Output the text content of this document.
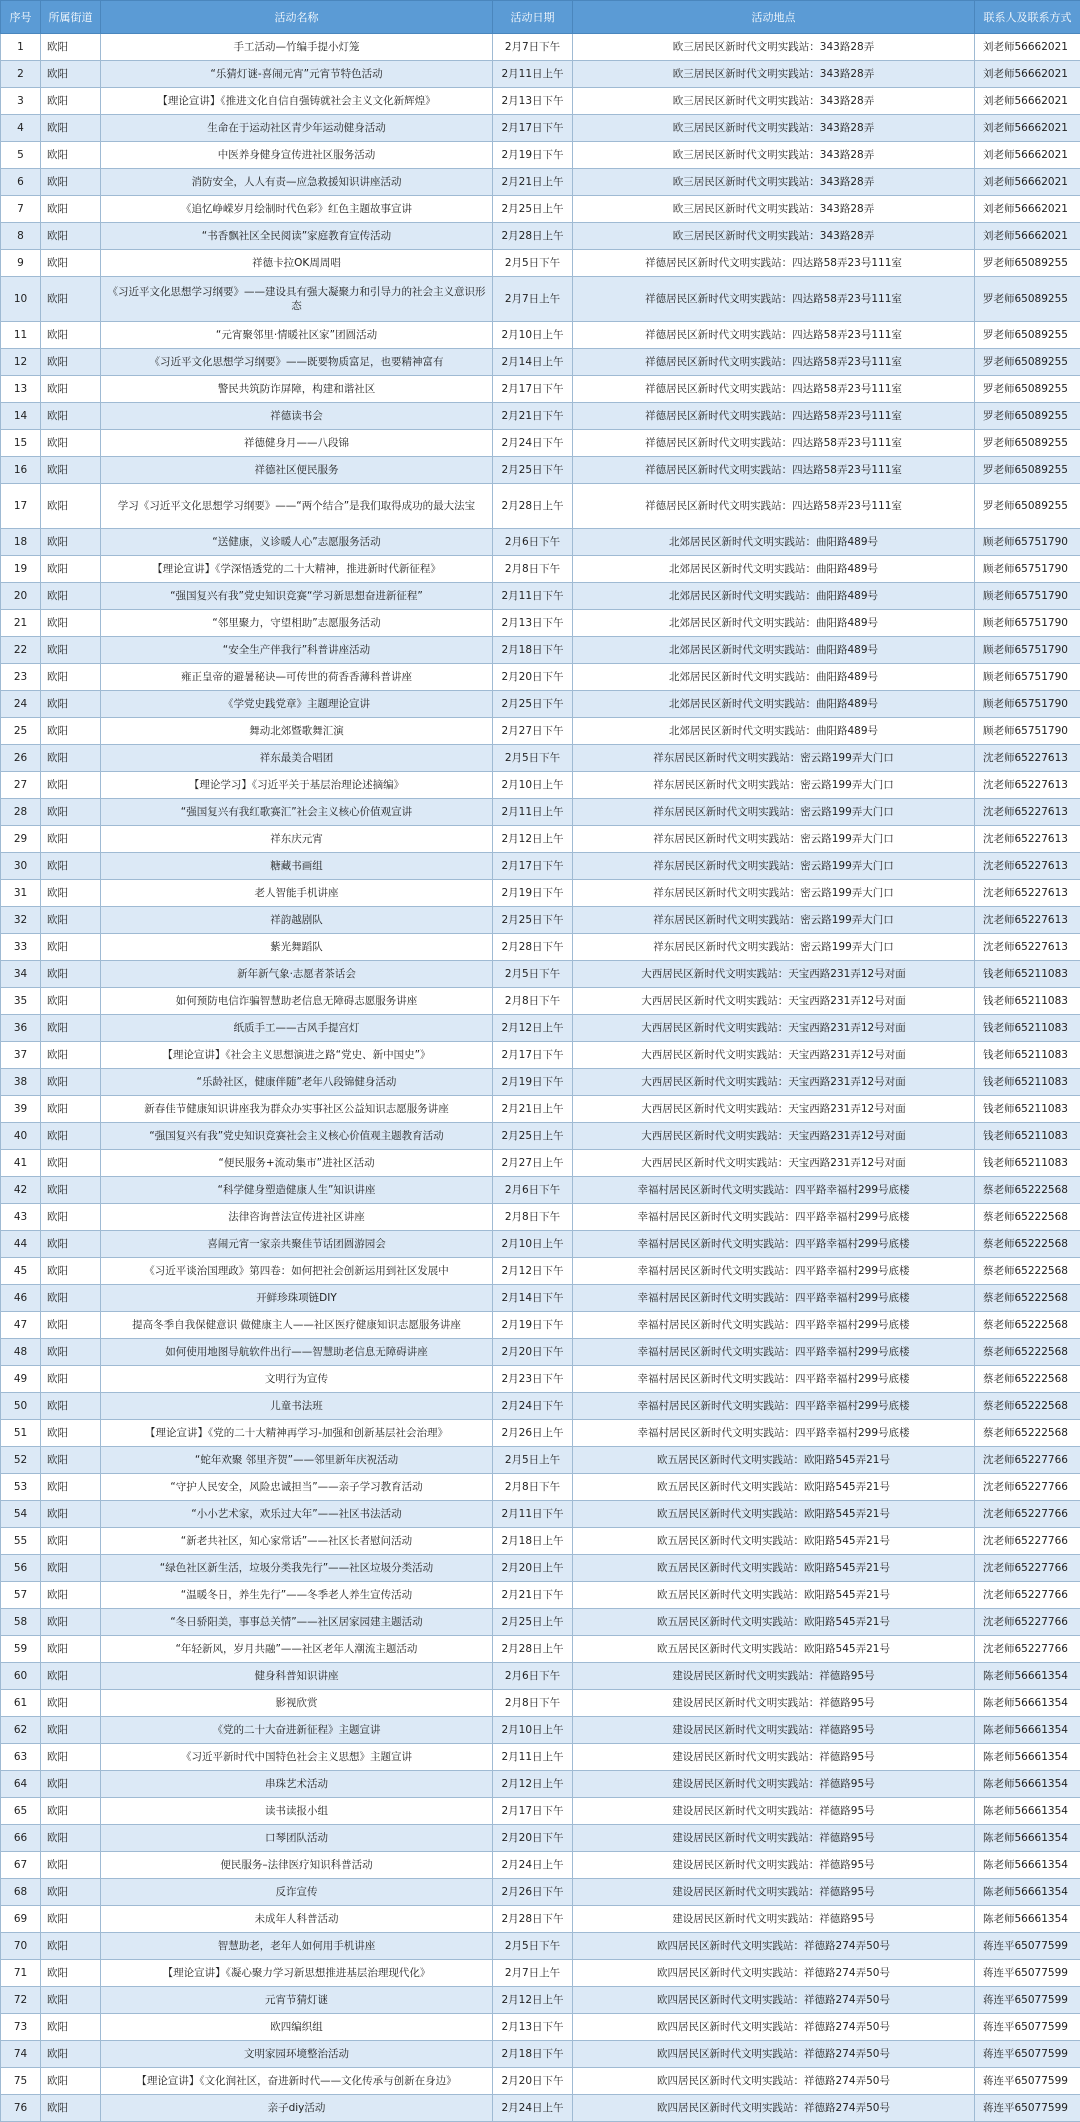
序号	所属街道	活动名称	活动日期	活动地点	联系人及联系方式
1	欧阳	手工活动—竹编手提小灯笼	2月7日下午	欧三居民区新时代文明实践站：343路28弄	刘老师56662021
2	欧阳	“乐猜灯谜-喜闹元宵”元宵节特色活动	2月11日上午	欧三居民区新时代文明实践站：343路28弄	刘老师56662021
3	欧阳	【理论宣讲】《推进文化自信自强铸就社会主义文化新辉煌》	2月13日下午	欧三居民区新时代文明实践站：343路28弄	刘老师56662021
4	欧阳	生命在于运动社区青少年运动健身活动	2月17日下午	欧三居民区新时代文明实践站：343路28弄	刘老师56662021
5	欧阳	中医养身健身宣传进社区服务活动	2月19日下午	欧三居民区新时代文明实践站：343路28弄	刘老师56662021
6	欧阳	消防安全，人人有责—应急救援知识讲座活动	2月21日上午	欧三居民区新时代文明实践站：343路28弄	刘老师56662021
7	欧阳	《追忆峥嵘岁月绘制时代色彩》红色主题故事宣讲	2月25日上午	欧三居民区新时代文明实践站：343路28弄	刘老师56662021
8	欧阳	“书香飘社区全民阅读”家庭教育宣传活动	2月28日上午	欧三居民区新时代文明实践站：343路28弄	刘老师56662021
9	欧阳	祥德卡拉OK周周唱	2月5日下午	祥德居民区新时代文明实践站：四达路58弄23号111室	罗老师65089255
10	欧阳	《习近平文化思想学习纲要》——建设具有强大凝聚力和引导力的社会主义意识形态	2月7日上午	祥德居民区新时代文明实践站：四达路58弄23号111室	罗老师65089255
11	欧阳	“元宵聚邻里·情暖社区家”团圆活动	2月10日上午	祥德居民区新时代文明实践站：四达路58弄23号111室	罗老师65089255
12	欧阳	《习近平文化思想学习纲要》——既要物质富足，也要精神富有	2月14日上午	祥德居民区新时代文明实践站：四达路58弄23号111室	罗老师65089255
13	欧阳	警民共筑防诈屏障，构建和谐社区	2月17日下午	祥德居民区新时代文明实践站：四达路58弄23号111室	罗老师65089255
14	欧阳	祥德读书会	2月21日下午	祥德居民区新时代文明实践站：四达路58弄23号111室	罗老师65089255
15	欧阳	祥德健身月——八段锦	2月24日下午	祥德居民区新时代文明实践站：四达路58弄23号111室	罗老师65089255
16	欧阳	祥德社区便民服务	2月25日下午	祥德居民区新时代文明实践站：四达路58弄23号111室	罗老师65089255
17	欧阳	学习《习近平文化思想学习纲要》——“两个结合”是我们取得成功的最大法宝	2月28日上午	祥德居民区新时代文明实践站：四达路58弄23号111室	罗老师65089255
18	欧阳	“送健康，义诊暖人心”志愿服务活动	2月6日下午	北郊居民区新时代文明实践站：曲阳路489号	顾老师65751790
19	欧阳	【理论宣讲】《学深悟透党的二十大精神，推进新时代新征程》	2月8日下午	北郊居民区新时代文明实践站：曲阳路489号	顾老师65751790
20	欧阳	“强国复兴有我”党史知识竞赛“学习新思想奋进新征程”	2月11日下午	北郊居民区新时代文明实践站：曲阳路489号	顾老师65751790
21	欧阳	“邻里聚力，守望相助”志愿服务活动	2月13日下午	北郊居民区新时代文明实践站：曲阳路489号	顾老师65751790
22	欧阳	“安全生产伴我行”科普讲座活动	2月18日下午	北郊居民区新时代文明实践站：曲阳路489号	顾老师65751790
23	欧阳	雍正皇帝的避暑秘诀—可传世的荷香香薄科普讲座	2月20日下午	北郊居民区新时代文明实践站：曲阳路489号	顾老师65751790
24	欧阳	《学党史践党章》主题理论宣讲	2月25日下午	北郊居民区新时代文明实践站：曲阳路489号	顾老师65751790
25	欧阳	舞动北郊暨歌舞汇演	2月27日下午	北郊居民区新时代文明实践站：曲阳路489号	顾老师65751790
26	欧阳	祥东最美合唱团	2月5日下午	祥东居民区新时代文明实践站：密云路199弄大门口	沈老师65227613
27	欧阳	【理论学习】《习近平关于基层治理论述摘编》	2月10日上午	祥东居民区新时代文明实践站：密云路199弄大门口	沈老师65227613
28	欧阳	“强国复兴有我红歌赛汇”社会主义核心价值观宣讲	2月11日上午	祥东居民区新时代文明实践站：密云路199弄大门口	沈老师65227613
29	欧阳	祥东庆元宵	2月12日上午	祥东居民区新时代文明实践站：密云路199弄大门口	沈老师65227613
30	欧阳	糖藏书画组	2月17日下午	祥东居民区新时代文明实践站：密云路199弄大门口	沈老师65227613
31	欧阳	老人智能手机讲座	2月19日下午	祥东居民区新时代文明实践站：密云路199弄大门口	沈老师65227613
32	欧阳	祥韵越剧队	2月25日下午	祥东居民区新时代文明实践站：密云路199弄大门口	沈老师65227613
33	欧阳	紫光舞蹈队	2月28日下午	祥东居民区新时代文明实践站：密云路199弄大门口	沈老师65227613
34	欧阳	新年新气象·志愿者茶话会	2月5日下午	大西居民区新时代文明实践站：天宝西路231弄12号对面	钱老师65211083
35	欧阳	如何预防电信诈骗智慧助老信息无障碍志愿服务讲座	2月8日下午	大西居民区新时代文明实践站：天宝西路231弄12号对面	钱老师65211083
36	欧阳	纸质手工——古风手提宫灯	2月12日上午	大西居民区新时代文明实践站：天宝西路231弄12号对面	钱老师65211083
37	欧阳	【理论宣讲】《社会主义思想演进之路“党史、新中国史”》	2月17日下午	大西居民区新时代文明实践站：天宝西路231弄12号对面	钱老师65211083
38	欧阳	“乐龄社区，健康伴随”老年八段锦健身活动	2月19日下午	大西居民区新时代文明实践站：天宝西路231弄12号对面	钱老师65211083
39	欧阳	新春佳节健康知识讲座我为群众办实事社区公益知识志愿服务讲座	2月21日上午	大西居民区新时代文明实践站：天宝西路231弄12号对面	钱老师65211083
40	欧阳	“强国复兴有我”党史知识竞赛社会主义核心价值观主题教育活动	2月25日上午	大西居民区新时代文明实践站：天宝西路231弄12号对面	钱老师65211083
41	欧阳	“便民服务+流动集市”进社区活动	2月27日上午	大西居民区新时代文明实践站：天宝西路231弄12号对面	钱老师65211083
42	欧阳	“科学健身塑造健康人生”知识讲座	2月6日下午	幸福村居民区新时代文明实践站：四平路幸福村299号底楼	蔡老师65222568
43	欧阳	法律咨询普法宣传进社区讲座	2月8日下午	幸福村居民区新时代文明实践站：四平路幸福村299号底楼	蔡老师65222568
44	欧阳	喜闹元宵一家亲共聚佳节话团圆游园会	2月10日上午	幸福村居民区新时代文明实践站：四平路幸福村299号底楼	蔡老师65222568
45	欧阳	《习近平谈治国理政》第四卷：如何把社会创新运用到社区发展中	2月12日下午	幸福村居民区新时代文明实践站：四平路幸福村299号底楼	蔡老师65222568
46	欧阳	开鲜珍珠项链DIY	2月14日下午	幸福村居民区新时代文明实践站：四平路幸福村299号底楼	蔡老师65222568
47	欧阳	提高冬季自我保健意识 做健康主人——社区医疗健康知识志愿服务讲座	2月19日下午	幸福村居民区新时代文明实践站：四平路幸福村299号底楼	蔡老师65222568
48	欧阳	如何使用地图导航软件出行——智慧助老信息无障碍讲座	2月20日下午	幸福村居民区新时代文明实践站：四平路幸福村299号底楼	蔡老师65222568
49	欧阳	文明行为宣传	2月23日下午	幸福村居民区新时代文明实践站：四平路幸福村299号底楼	蔡老师65222568
50	欧阳	儿童书法班	2月24日下午	幸福村居民区新时代文明实践站：四平路幸福村299号底楼	蔡老师65222568
51	欧阳	【理论宣讲】《党的二十大精神再学习-加强和创新基层社会治理》	2月26日上午	幸福村居民区新时代文明实践站：四平路幸福村299号底楼	蔡老师65222568
52	欧阳	“蛇年欢聚 邻里齐贺”——邻里新年庆祝活动	2月5日上午	欧五居民区新时代文明实践站：欧阳路545弄21号	沈老师65227766
53	欧阳	“守护人民安全，风险忠诚担当”——亲子学习教育活动	2月8日下午	欧五居民区新时代文明实践站：欧阳路545弄21号	沈老师65227766
54	欧阳	“小小艺术家，欢乐过大年”——社区书法活动	2月11日下午	欧五居民区新时代文明实践站：欧阳路545弄21号	沈老师65227766
55	欧阳	“新老共社区，知心家常话”——社区长者慰问活动	2月18日上午	欧五居民区新时代文明实践站：欧阳路545弄21号	沈老师65227766
56	欧阳	“绿色社区新生活，垃圾分类我先行”——社区垃圾分类活动	2月20日上午	欧五居民区新时代文明实践站：欧阳路545弄21号	沈老师65227766
57	欧阳	“温暖冬日，养生先行”——冬季老人养生宣传活动	2月21日下午	欧五居民区新时代文明实践站：欧阳路545弄21号	沈老师65227766
58	欧阳	“冬日骄阳美，事事总关情”——社区居家园建主题活动	2月25日上午	欧五居民区新时代文明实践站：欧阳路545弄21号	沈老师65227766
59	欧阳	“年轻新风，岁月共融”——社区老年人潮流主题活动	2月28日上午	欧五居民区新时代文明实践站：欧阳路545弄21号	沈老师65227766
60	欧阳	健身科普知识讲座	2月6日下午	建设居民区新时代文明实践站：祥德路95号	陈老师56661354
61	欧阳	影视欣赏	2月8日下午	建设居民区新时代文明实践站：祥德路95号	陈老师56661354
62	欧阳	《党的二十大奋进新征程》主题宣讲	2月10日上午	建设居民区新时代文明实践站：祥德路95号	陈老师56661354
63	欧阳	《习近平新时代中国特色社会主义思想》主题宣讲	2月11日上午	建设居民区新时代文明实践站：祥德路95号	陈老师56661354
64	欧阳	串珠艺术活动	2月12日上午	建设居民区新时代文明实践站：祥德路95号	陈老师56661354
65	欧阳	读书读报小组	2月17日下午	建设居民区新时代文明实践站：祥德路95号	陈老师56661354
66	欧阳	口琴团队活动	2月20日下午	建设居民区新时代文明实践站：祥德路95号	陈老师56661354
67	欧阳	便民服务–法律医疗知识科普活动	2月24日上午	建设居民区新时代文明实践站：祥德路95号	陈老师56661354
68	欧阳	反诈宣传	2月26日下午	建设居民区新时代文明实践站：祥德路95号	陈老师56661354
69	欧阳	未成年人科普活动	2月28日下午	建设居民区新时代文明实践站：祥德路95号	陈老师56661354
70	欧阳	智慧助老，老年人如何用手机讲座	2月5日下午	欧四居民区新时代文明实践站：祥德路274弄50号	蒋连平65077599
71	欧阳	【理论宣讲】《凝心聚力学习新思想推进基层治理现代化》	2月7日上午	欧四居民区新时代文明实践站：祥德路274弄50号	蒋连平65077599
72	欧阳	元宵节猜灯谜	2月12日上午	欧四居民区新时代文明实践站：祥德路274弄50号	蒋连平65077599
73	欧阳	欧四编织组	2月13日下午	欧四居民区新时代文明实践站：祥德路274弄50号	蒋连平65077599
74	欧阳	文明家园环境整治活动	2月18日下午	欧四居民区新时代文明实践站：祥德路274弄50号	蒋连平65077599
75	欧阳	【理论宣讲】《文化润社区，奋进新时代——文化传承与创新在身边》	2月20日下午	欧四居民区新时代文明实践站：祥德路274弄50号	蒋连平65077599
76	欧阳	亲子diy活动	2月24日上午	欧四居民区新时代文明实践站：祥德路274弄50号	蒋连平65077599
